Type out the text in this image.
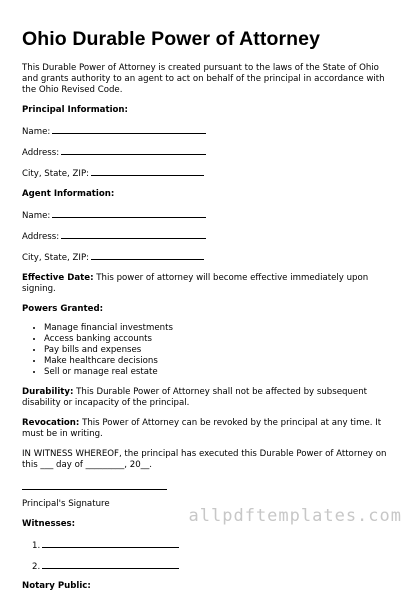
Ohio Durable Power of Attorney

This Durable Power of Attorney is created pursuant to the laws of the State of Ohio and grants authority to an agent to act on behalf of the principal in accordance with the Ohio Revised Code.

Principal Information:
Name:
Address:
City, State, ZIP:
Agent Information:
Name:
Address:
City, State, ZIP:

Effective Date: This power of attorney will become effective immediately upon signing.

Powers Granted:
• Manage financial investments
• Access banking accounts
• Pay bills and expenses
• Make healthcare decisions
• Sell or manage real estate

Durability: This Durable Power of Attorney shall not be affected by subsequent disability or incapacity of the principal.

Revocation: This Power of Attorney can be revoked by the principal at any time. It must be in writing.

IN WITNESS WHEREOF, the principal has executed this Durable Power of Attorney on this ___ day of _________, 20__.

Principal's Signature

Witnesses:
1.
2.
Notary Public:
allpdftemplates.com
